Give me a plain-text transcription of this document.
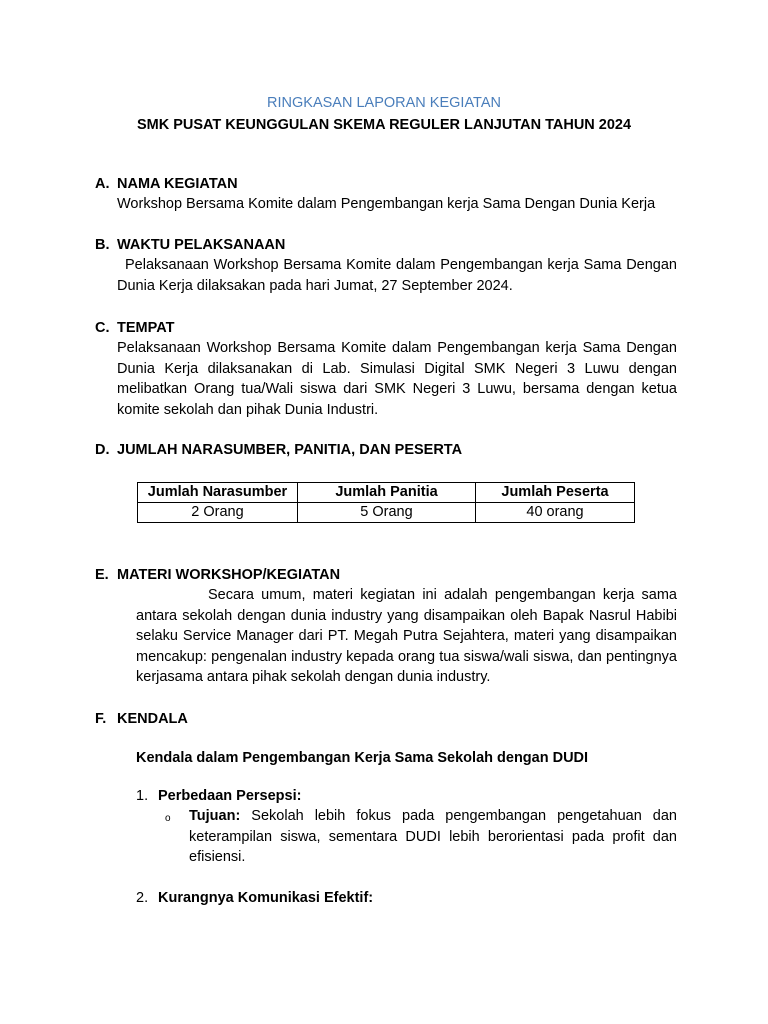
RINGKASAN LAPORAN KEGIATAN
SMK PUSAT KEUNGGULAN SKEMA REGULER LANJUTAN TAHUN 2024
A. NAMA KEGIATAN
Workshop Bersama Komite dalam Pengembangan kerja Sama Dengan Dunia Kerja
B. WAKTU PELAKSANAAN
Pelaksanaan Workshop Bersama Komite dalam Pengembangan kerja Sama Dengan Dunia Kerja dilaksakan pada hari Jumat, 27 September 2024.
C. TEMPAT
Pelaksanaan Workshop Bersama Komite dalam Pengembangan kerja Sama Dengan Dunia Kerja dilaksanakan di Lab. Simulasi Digital SMK Negeri 3 Luwu dengan melibatkan Orang tua/Wali siswa dari SMK Negeri 3 Luwu, bersama dengan ketua komite sekolah dan pihak Dunia Industri.
D. JUMLAH NARASUMBER, PANITIA, DAN PESERTA
Jumlah Narasumber	Jumlah Panitia	Jumlah Peserta
2 Orang	5 Orang	40 orang
E. MATERI WORKSHOP/KEGIATAN
Secara umum, materi kegiatan ini adalah pengembangan kerja sama antara sekolah dengan dunia industry yang disampaikan oleh Bapak Nasrul Habibi selaku Service Manager dari PT. Megah Putra Sejahtera, materi yang disampaikan mencakup: pengenalan industry kepada orang tua siswa/wali siswa, dan pentingnya kerjasama antara pihak sekolah dengan dunia industry.
F. KENDALA
Kendala dalam Pengembangan Kerja Sama Sekolah dengan DUDI
1. Perbedaan Persepsi:
o	Tujuan: Sekolah lebih fokus pada pengembangan pengetahuan dan keterampilan siswa, sementara DUDI lebih berorientasi pada profit dan efisiensi.
2. Kurangnya Komunikasi Efektif:
